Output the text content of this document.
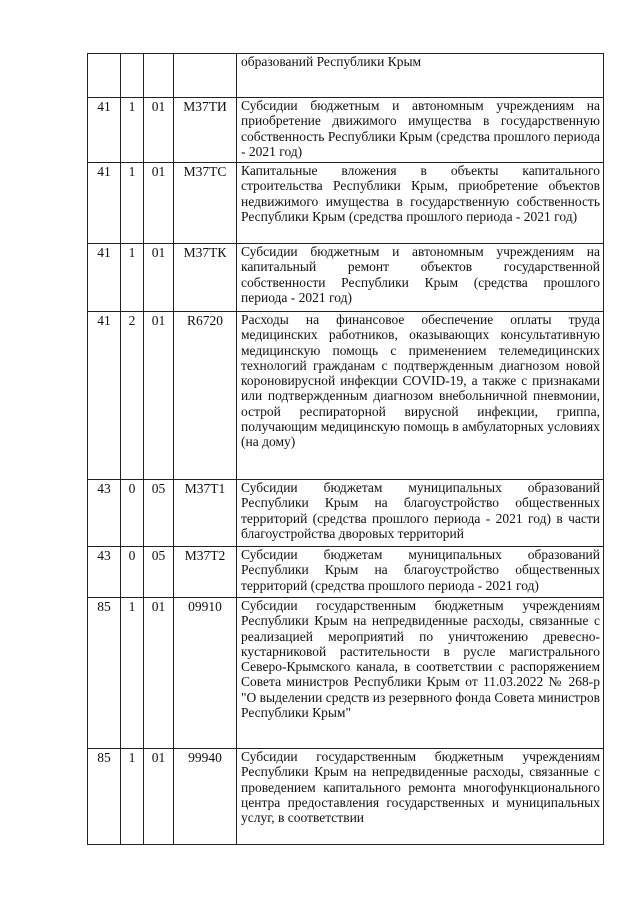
				образований Республики Крым

41	1	01	М37ТИ	Субсидии бюджетным и автономным учреждениям на приобретение движимого имущества в государственную собственность Республики Крым (средства прошлого периода - 2021 год)

41	1	01	М37ТС	Капитальные вложения в объекты капитального строительства Республики Крым, приобретение объектов недвижимого имущества в государственную собственность Республики Крым (средства прошлого периода - 2021 год)

41	1	01	М37ТК	Субсидии бюджетным и автономным учреждениям на капитальный ремонт объектов государственной собственности Республики Крым (средства прошлого периода - 2021 год)

41	2	01	R6720	Расходы на финансовое обеспечение оплаты труда медицинских работников, оказывающих консультативную медицинскую помощь с применением телемедицинских технологий гражданам с подтвержденным диагнозом новой короновирусной инфекции COVID-19, а также с признаками или подтвержденным диагнозом внебольничной пневмонии, острой респираторной вирусной инфекции, гриппа, получающим медицинскую помощь в амбулаторных условиях (на дому)

43	0	05	М37Т1	Субсидии бюджетам муниципальных образований Республики Крым на благоустройство общественных территорий (средства прошлого периода - 2021 год) в части благоустройства дворовых территорий

43	0	05	М37Т2	Субсидии бюджетам муниципальных образований Республики Крым на благоустройство общественных территорий (средства прошлого периода - 2021 год)

85	1	01	09910	Субсидии государственным бюджетным учреждениям Республики Крым на непредвиденные расходы, связанные с реализацией мероприятий по уничтожению древесно-кустарниковой растительности в русле магистрального Северо-Крымского канала, в соответствии с распоряжением Совета министров Республики Крым от 11.03.2022 № 268-р "О выделении средств из резервного фонда Совета министров Республики Крым"

85	1	01	99940	Субсидии государственным бюджетным учреждениям Республики Крым на непредвиденные расходы, связанные с проведением капитального ремонта многофункционального центра предоставления государственных и муниципальных услуг, в соответствии
